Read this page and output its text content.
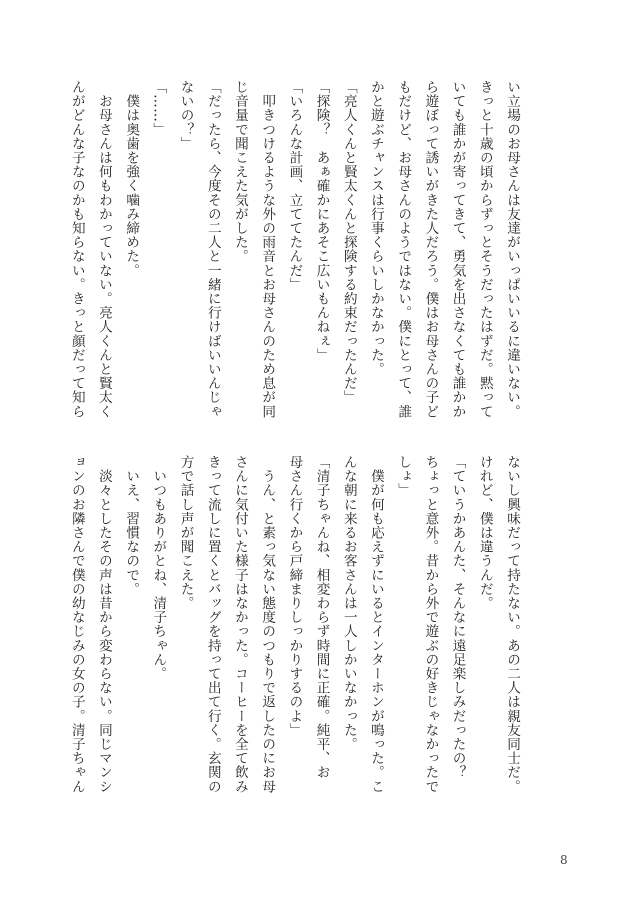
い立場のお母さんは友達がいっぱいいるに違いない。
きっと十歳の頃からずっとそうだったはずだ。黙って
いても誰かが寄ってきて、勇気を出さなくても誰かか
ら遊ぼって誘いがきた人だろう。僕はお母さんの子ど
もだけど、お母さんのようではない。僕にとって、誰
かと遊ぶチャンスは行事くらいしかなかった。
「亮人くんと賢太くんと探険する約束だったんだ」
「探険？　あぁ確かにあそこ広いもんねぇ」
「いろんな計画、立ててたんだ」
　叩きつけるような外の雨音とお母さんのため息が同
じ音量で聞こえた気がした。
「だったら、今度その二人と一緒に行けばいいんじゃ
ないの？」
「……」
　僕は奥歯を強く噛み締めた。
　お母さんは何もわかっていない。亮人くんと賢太く
んがどんな子なのかも知らない。きっと顔だって知ら
ないし興味だって持たない。あの二人は親友同士だ。
けれど、僕は違うんだ。
「ていうかあんた、そんなに遠足楽しみだったの？
ちょっと意外。昔から外で遊ぶの好きじゃなかったで
しょ」
　僕が何も応えずにいるとインターホンが鳴った。こ
んな朝に来るお客さんは一人しかいなかった。
「清子ちゃんね、相変わらず時間に正確。純平、お
母さん行くから戸締まりしっかりするのよ」
　うん、と素っ気ない態度のつもりで返したのにお母
さんに気付いた様子はなかった。コーヒーを全て飲み
きって流しに置くとバッグを持って出て行く。玄関の
方で話し声が聞こえた。
　いつもありがとね、清子ちゃん。
　いえ、習慣なので。
　淡々としたその声は昔から変わらない。同じマンシ
ョンのお隣さんで僕の幼なじみの女の子。清子ちゃん
8
